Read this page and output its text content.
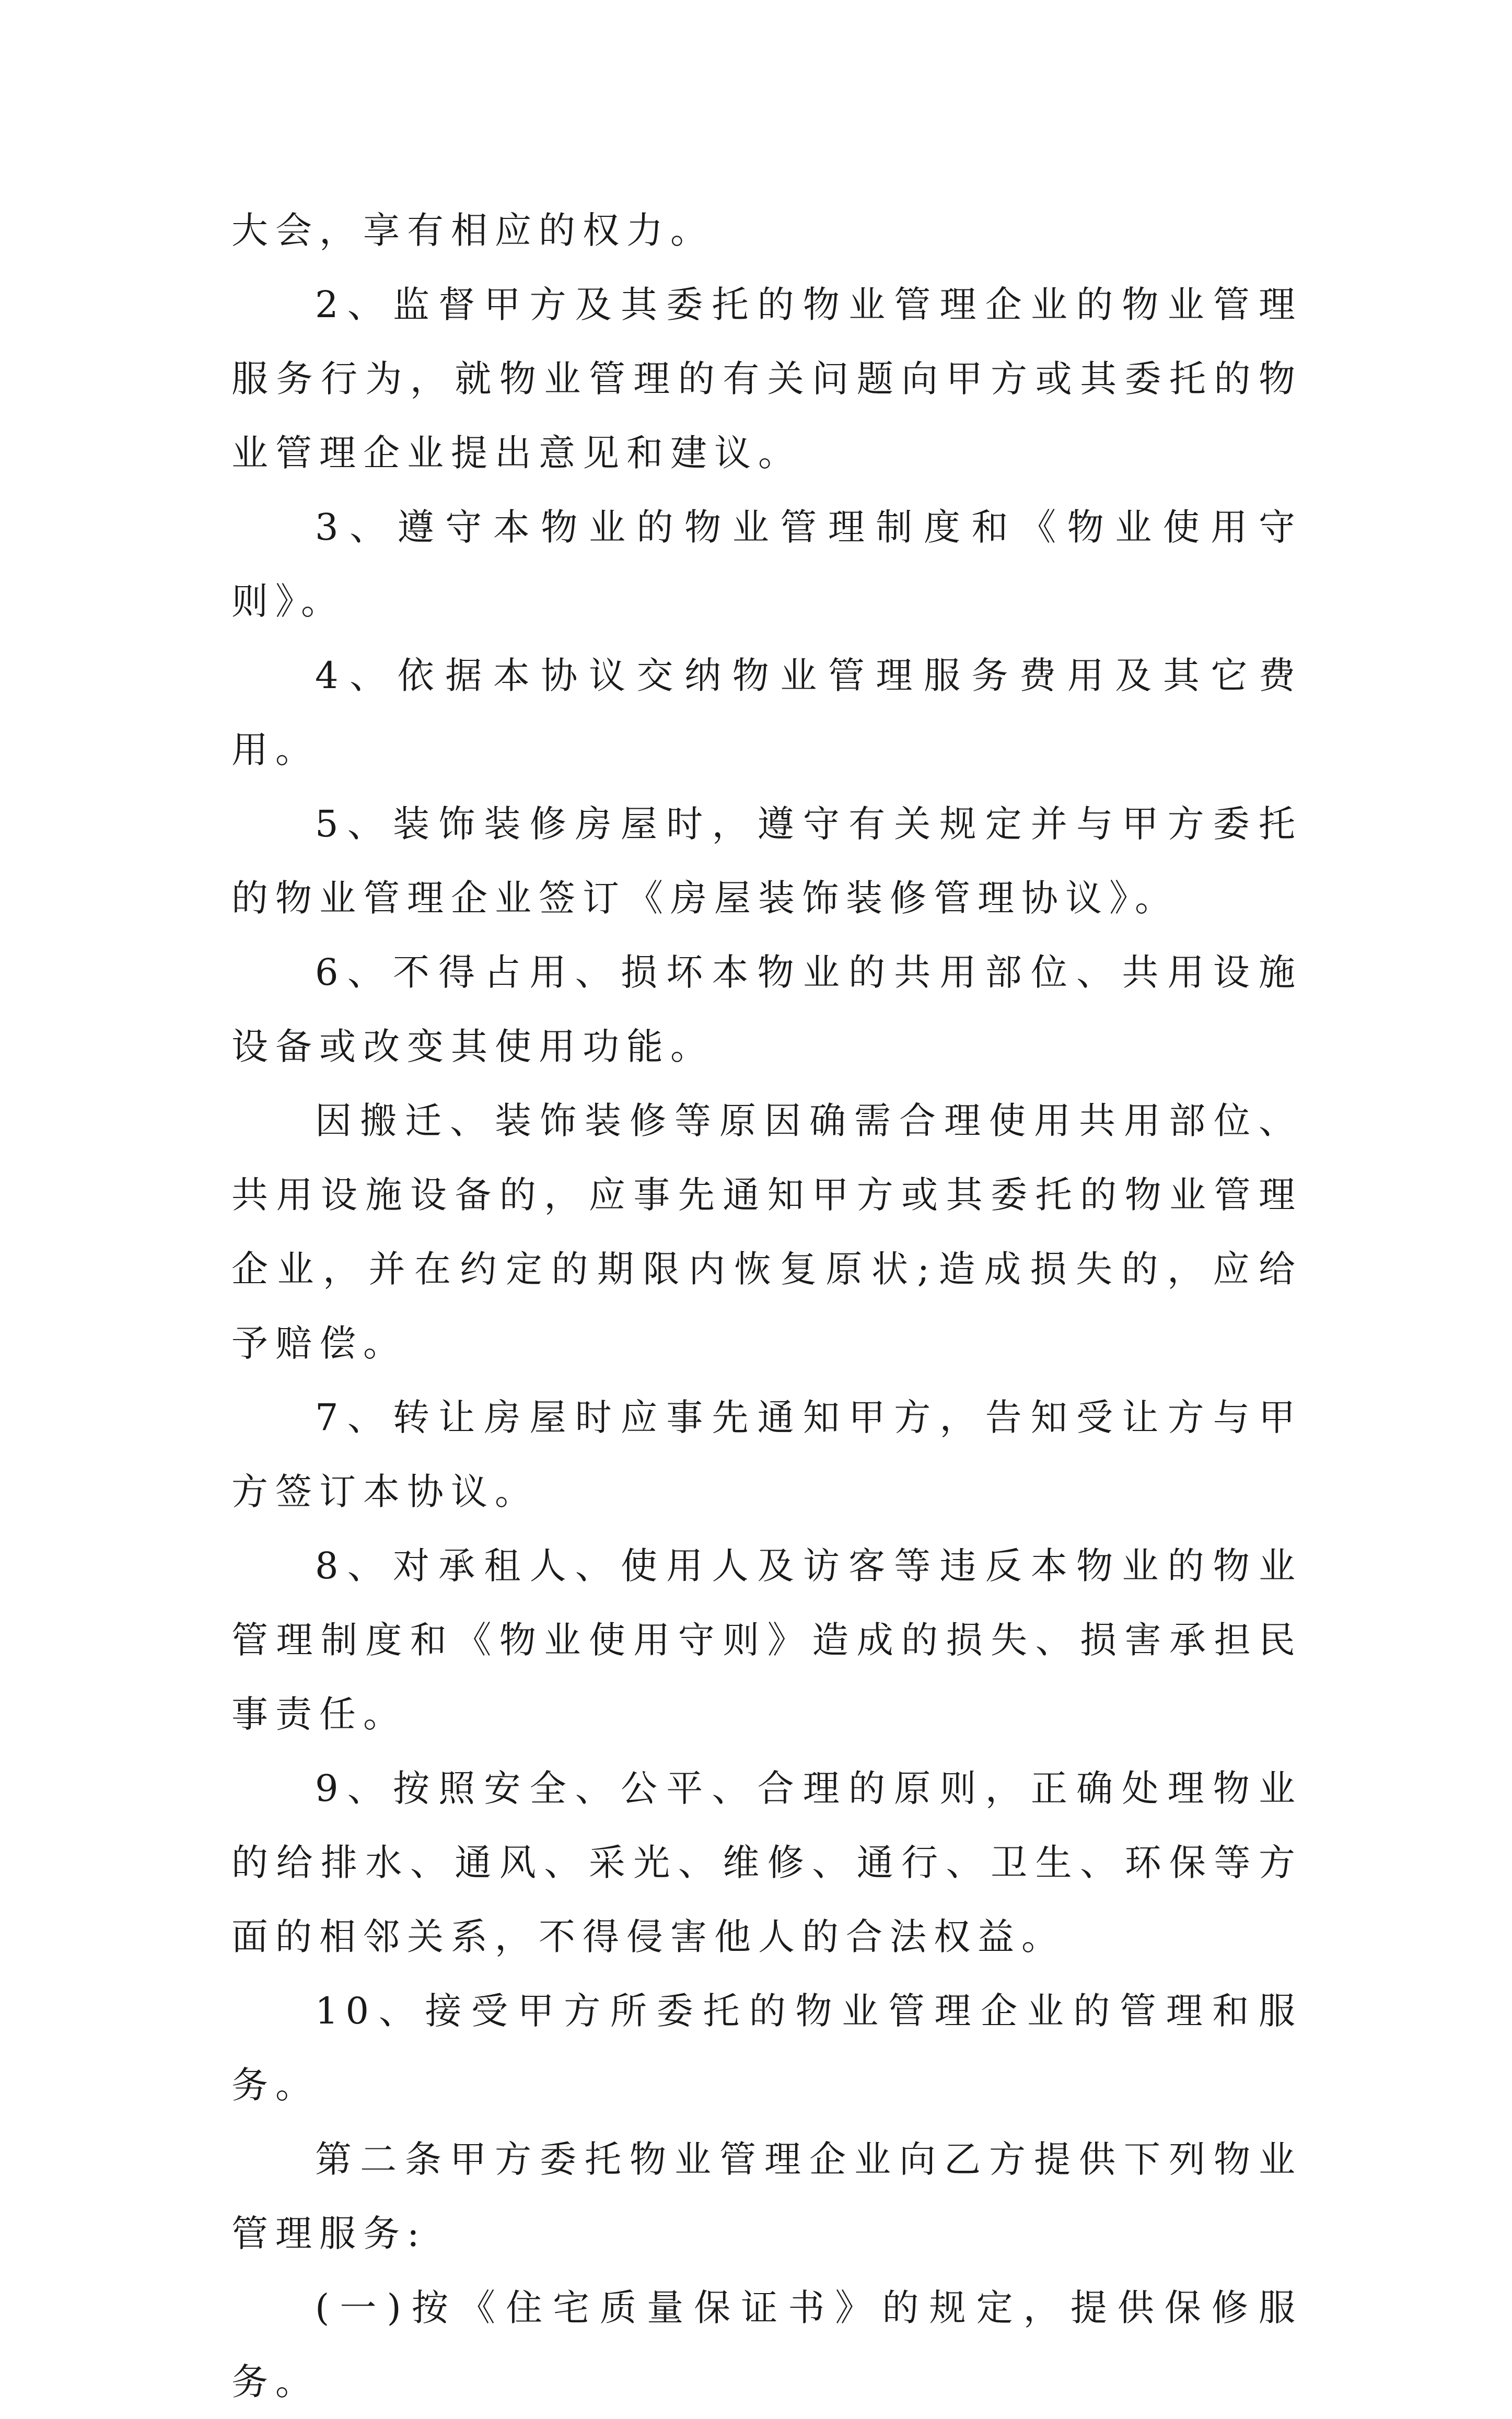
大会，享有相应的权力。

2、监督甲方及其委托的物业管理企业的物业管理服务行为，就物业管理的有关问题向甲方或其委托的物业管理企业提出意见和建议。

3、遵守本物业的物业管理制度和《物业使用守则》。

4、依据本协议交纳物业管理服务费用及其它费用。

5、装饰装修房屋时，遵守有关规定并与甲方委托的物业管理企业签订《房屋装饰装修管理协议》。

6、不得占用、损坏本物业的共用部位、共用设施设备或改变其使用功能。

因搬迁、装饰装修等原因确需合理使用共用部位、共用设施设备的，应事先通知甲方或其委托的物业管理企业，并在约定的期限内恢复原状;造成损失的，应给予赔偿。

7、转让房屋时应事先通知甲方，告知受让方与甲方签订本协议。

8、对承租人、使用人及访客等违反本物业的物业管理制度和《物业使用守则》造成的损失、损害承担民事责任。

9、按照安全、公平、合理的原则，正确处理物业的给排水、通风、采光、维修、通行、卫生、环保等方面的相邻关系，不得侵害他人的合法权益。

10、接受甲方所委托的物业管理企业的管理和服务。

第二条甲方委托物业管理企业向乙方提供下列物业管理服务:

(一)按《住宅质量保证书》的规定，提供保修服务。
